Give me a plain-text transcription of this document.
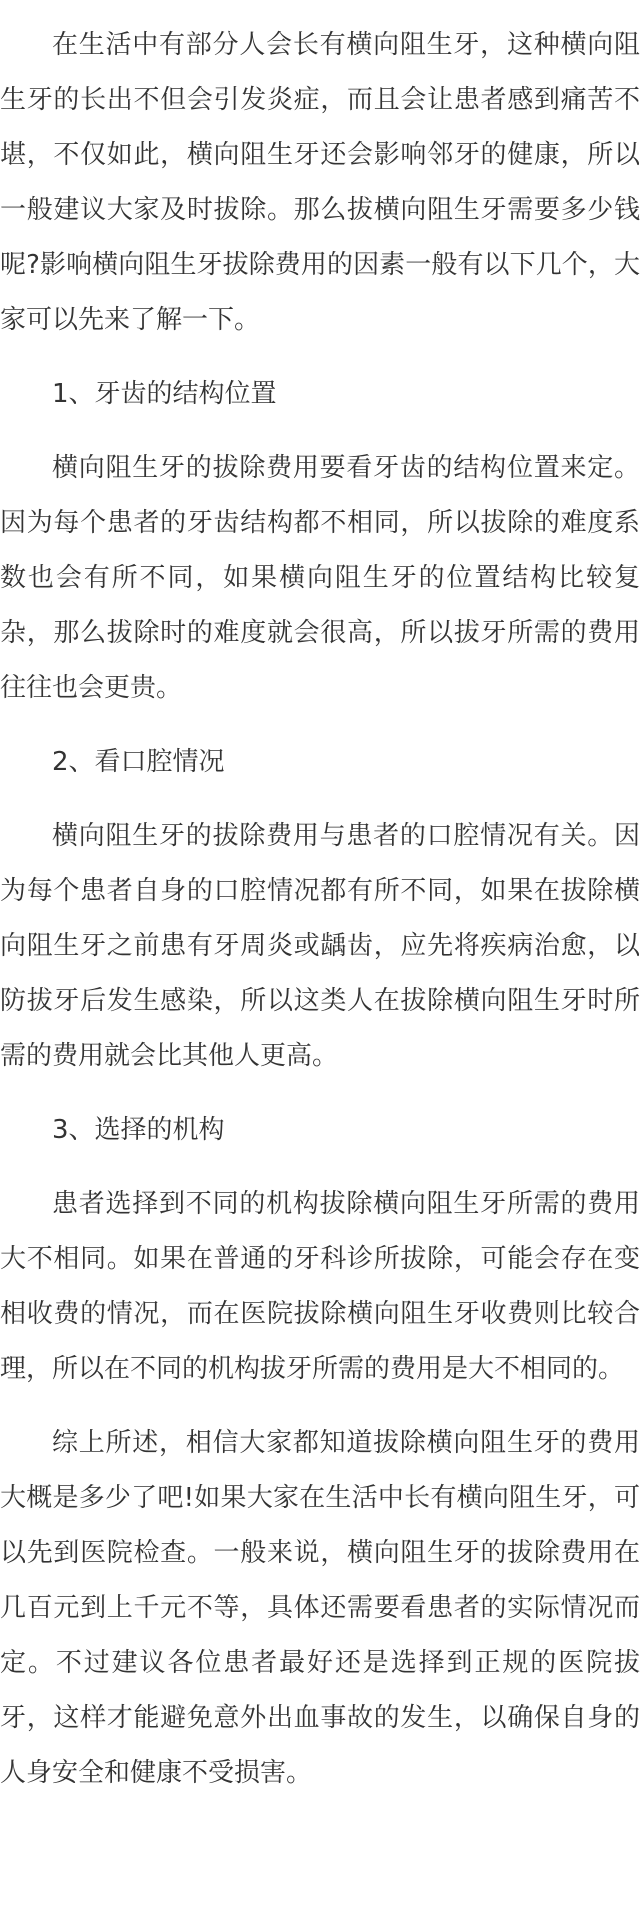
在生活中有部分人会长有横向阻生牙，这种横向阻生牙的长出不但会引发炎症，而且会让患者感到痛苦不堪，不仅如此，横向阻生牙还会影响邻牙的健康，所以一般建议大家及时拔除。那么拔横向阻生牙需要多少钱呢?影响横向阻生牙拔除费用的因素一般有以下几个，大家可以先来了解一下。

1、牙齿的结构位置

横向阻生牙的拔除费用要看牙齿的结构位置来定。因为每个患者的牙齿结构都不相同，所以拔除的难度系数也会有所不同，如果横向阻生牙的位置结构比较复杂，那么拔除时的难度就会很高，所以拔牙所需的费用往往也会更贵。

2、看口腔情况

横向阻生牙的拔除费用与患者的口腔情况有关。因为每个患者自身的口腔情况都有所不同，如果在拔除横向阻生牙之前患有牙周炎或龋齿，应先将疾病治愈，以防拔牙后发生感染，所以这类人在拔除横向阻生牙时所需的费用就会比其他人更高。

3、选择的机构

患者选择到不同的机构拔除横向阻生牙所需的费用大不相同。如果在普通的牙科诊所拔除，可能会存在变相收费的情况，而在医院拔除横向阻生牙收费则比较合理，所以在不同的机构拔牙所需的费用是大不相同的。

综上所述，相信大家都知道拔除横向阻生牙的费用大概是多少了吧!如果大家在生活中长有横向阻生牙，可以先到医院检查。一般来说，横向阻生牙的拔除费用在几百元到上千元不等，具体还需要看患者的实际情况而定。不过建议各位患者最好还是选择到正规的医院拔牙，这样才能避免意外出血事故的发生，以确保自身的人身安全和健康不受损害。
